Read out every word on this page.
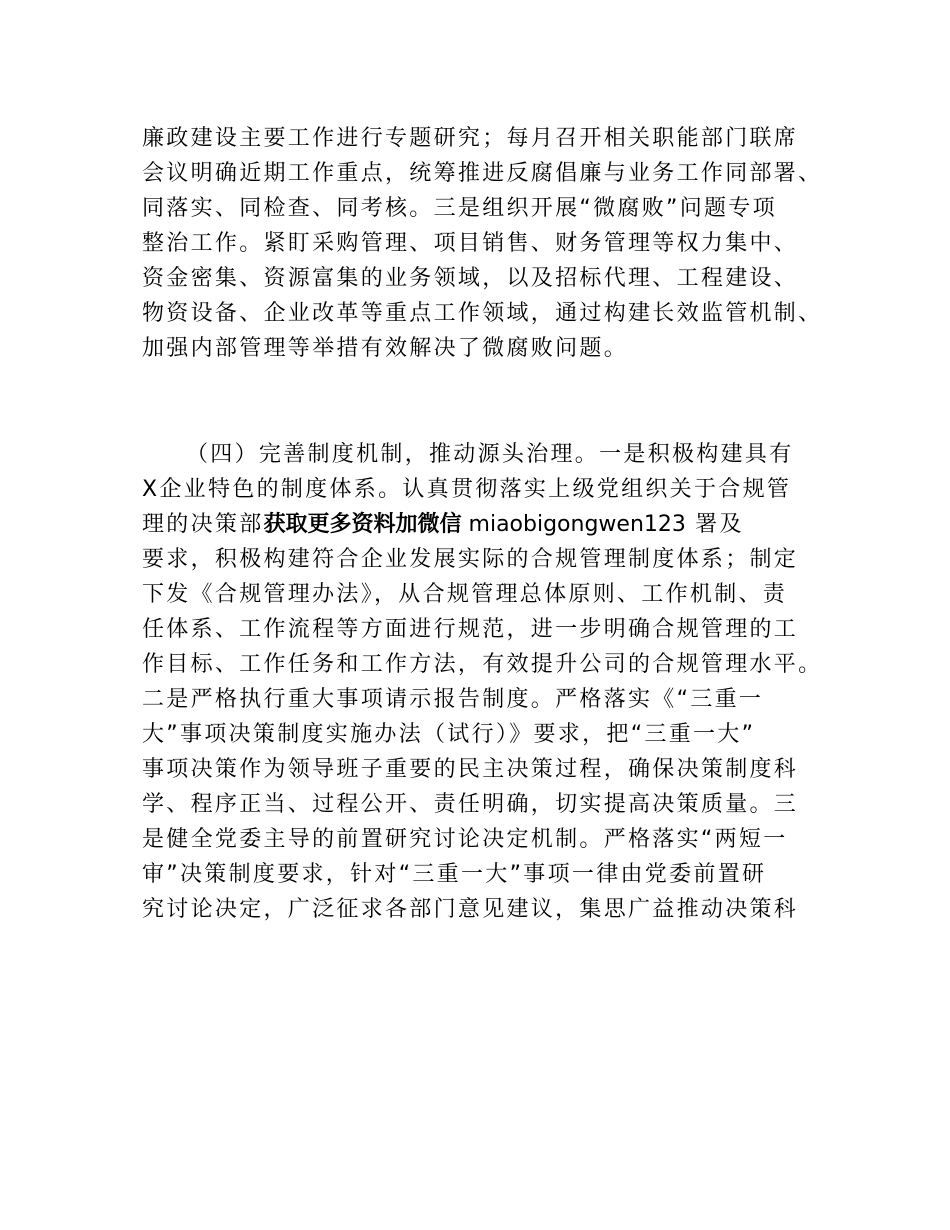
廉政建设主要工作进行专题研究；每月召开相关职能部门联席
会议明确近期工作重点，统筹推进反腐倡廉与业务工作同部署、
同落实、同检查、同考核。三是组织开展“微腐败”问题专项
整治工作。紧盯采购管理、项目销售、财务管理等权力集中、
资金密集、资源富集的业务领域，以及招标代理、工程建设、
物资设备、企业改革等重点工作领域，通过构建长效监管机制、
加强内部管理等举措有效解决了微腐败问题。
（四）完善制度机制，推动源头治理。一是积极构建具有
X企业特色的制度体系。认真贯彻落实上级党组织关于合规管
理的决策部获取更多资料加微信 miaobigongwen123 署及
要求，积极构建符合企业发展实际的合规管理制度体系；制定
下发《合规管理办法》，从合规管理总体原则、工作机制、责
任体系、工作流程等方面进行规范，进一步明确合规管理的工
作目标、工作任务和工作方法，有效提升公司的合规管理水平。
二是严格执行重大事项请示报告制度。严格落实《“三重一
大”事项决策制度实施办法（试行）》要求，把“三重一大”
事项决策作为领导班子重要的民主决策过程，确保决策制度科
学、程序正当、过程公开、责任明确，切实提高决策质量。三
是健全党委主导的前置研究讨论决定机制。严格落实“两短一
审”决策制度要求，针对“三重一大”事项一律由党委前置研
究讨论决定，广泛征求各部门意见建议，集思广益推动决策科
